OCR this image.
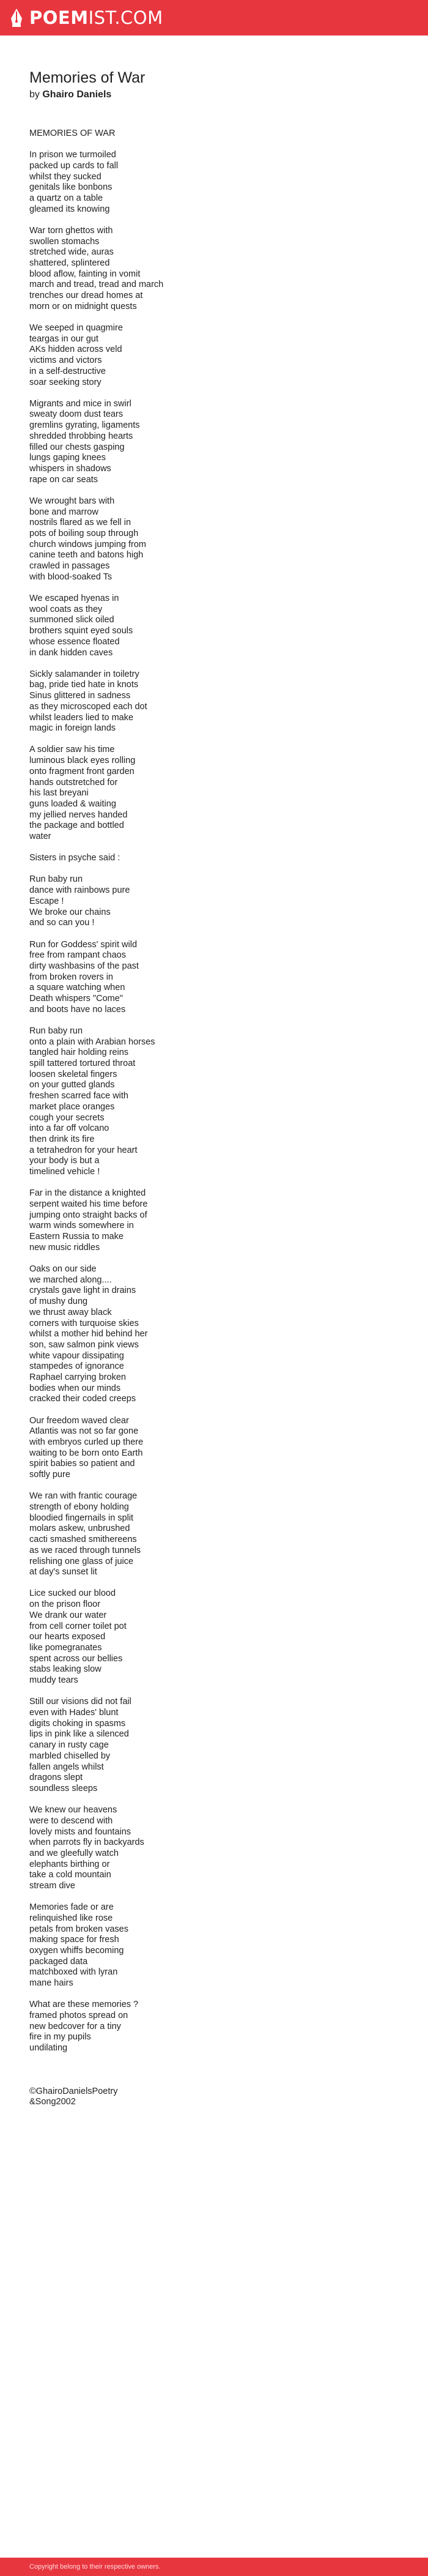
POEMIST.COM
Memories of War
by Ghairo Daniels

MEMORIES OF WAR

In prison we turmoiled
packed up cards to fall
whilst they sucked
genitals like bonbons
a quartz on a table
gleamed its knowing

War torn ghettos with
swollen stomachs
stretched wide, auras
shattered, splintered
blood aflow, fainting in vomit
march and tread, tread and march
trenches our dread homes at
morn or on midnight quests

We seeped in quagmire
teargas in our gut
AKs hidden across veld
victims and victors
in a self-destructive
soar seeking story

Migrants and mice in swirl
sweaty doom dust tears
gremlins gyrating, ligaments
shredded throbbing hearts
filled our chests gasping
lungs gaping knees
whispers in shadows
rape on car seats

We wrought bars with
bone and marrow
nostrils flared as we fell in
pots of boiling soup through
church windows jumping from
canine teeth and batons high
crawled in passages
with blood-soaked Ts

We escaped hyenas in
wool coats as they
summoned slick oiled
brothers squint eyed souls
whose essence floated
in dank hidden caves

Sickly salamander in toiletry
bag, pride tied hate in knots
Sinus glittered in sadness
as they microscoped each dot
whilst leaders lied to make
magic in foreign lands

A soldier saw his time
luminous black eyes rolling
onto fragment front garden
hands outstretched for
his last breyani
guns loaded & waiting
my jellied nerves handed
the package and bottled
water

Sisters in psyche said :

Run baby run
dance with rainbows pure
Escape !
We broke our chains
and so can you !

Run for Goddess' spirit wild
free from rampant chaos
dirty washbasins of the past
from broken rovers in
a square watching when
Death whispers "Come"
and boots have no laces

Run baby run
onto a plain with Arabian horses
tangled hair holding reins
spill tattered tortured throat
loosen skeletal fingers
on your gutted glands
freshen scarred face with
market place oranges
cough your secrets
into a far off volcano
then drink its fire
a tetrahedron for your heart
your body is but a
timelined vehicle !

Far in the distance a knighted
serpent waited his time before
jumping onto straight backs of
warm winds somewhere in
Eastern Russia to make
new music riddles

Oaks on our side
we marched along....
crystals gave light in drains
of mushy dung
we thrust away black
corners with turquoise skies
whilst a mother hid behind her
son, saw salmon pink views
white vapour dissipating
stampedes of ignorance
Raphael carrying broken
bodies when our minds
cracked their coded creeps

Our freedom waved clear
Atlantis was not so far gone
with embryos curled up there
waiting to be born onto Earth
spirit babies so patient and
softly pure

We ran with frantic courage
strength of ebony holding
bloodied fingernails in split
molars askew, unbrushed
cacti smashed smithereens
as we raced through tunnels
relishing one glass of juice
at day's sunset lit

Lice sucked our blood
on the prison floor
We drank our water
from cell corner toilet pot
our hearts exposed
like pomegranates
spent across our bellies
stabs leaking slow
muddy tears

Still our visions did not fail
even with Hades' blunt
digits choking in spasms
lips in pink like a silenced
canary in rusty cage
marbled chiselled by
fallen angels whilst
dragons slept
soundless sleeps

We knew our heavens
were to descend with
lovely mists and fountains
when parrots fly in backyards
and we gleefully watch
elephants birthing or
take a cold mountain
stream dive

Memories fade or are
relinquished like rose
petals from broken vases
making space for fresh
oxygen whiffs becoming
packaged data
matchboxed with lyran
mane hairs

What are these memories ?
framed photos spread on
new bedcover for a tiny
fire in my pupils
undilating

©GhairoDanielsPoetry
&Song2002

Copyright belong to their respective owners.
